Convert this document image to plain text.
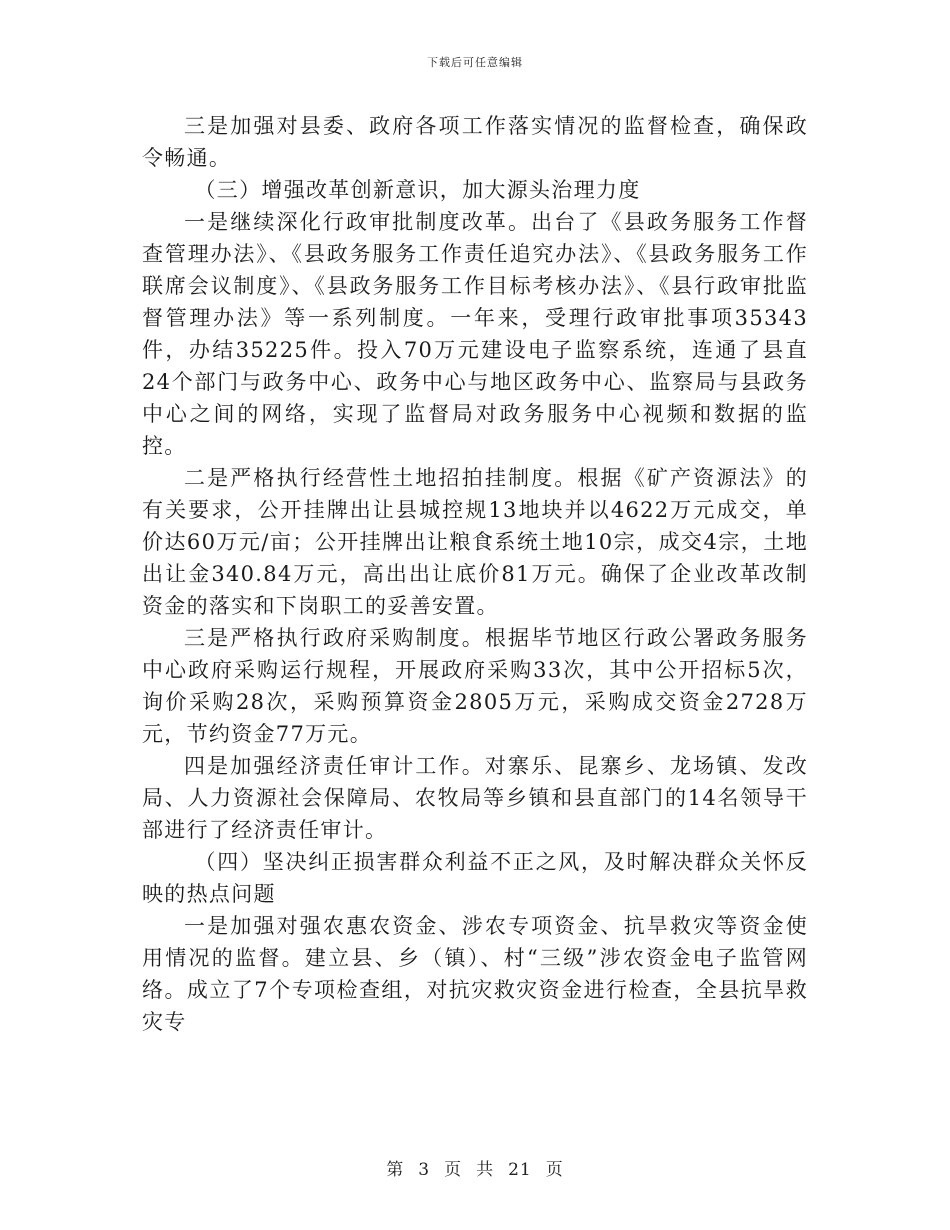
下载后可任意编辑

三是加强对县委、政府各项工作落实情况的监督检查，确保政令畅通。

（三）增强改革创新意识，加大源头治理力度

一是继续深化行政审批制度改革。出台了《县政务服务工作督查管理办法》、《县政务服务工作责任追究办法》、《县政务服务工作联席会议制度》、《县政务服务工作目标考核办法》、《县行政审批监督管理办法》等一系列制度。一年来，受理行政审批事项35343件，办结35225件。投入70万元建设电子监察系统，连通了县直24个部门与政务中心、政务中心与地区政务中心、监察局与县政务中心之间的网络，实现了监督局对政务服务中心视频和数据的监控。

二是严格执行经营性土地招拍挂制度。根据《矿产资源法》的有关要求，公开挂牌出让县城控规13地块并以4622万元成交，单价达60万元/亩；公开挂牌出让粮食系统土地10宗，成交4宗，土地出让金340.84万元，高出出让底价81万元。确保了企业改革改制资金的落实和下岗职工的妥善安置。

三是严格执行政府采购制度。根据毕节地区行政公署政务服务中心政府采购运行规程，开展政府采购33次，其中公开招标5次，询价采购28次，采购预算资金2805万元，采购成交资金2728万元，节约资金77万元。

四是加强经济责任审计工作。对寨乐、昆寨乡、龙场镇、发改局、人力资源社会保障局、农牧局等乡镇和县直部门的14名领导干部进行了经济责任审计。

（四）坚决纠正损害群众利益不正之风，及时解决群众关怀反映的热点问题

一是加强对强农惠农资金、涉农专项资金、抗旱救灾等资金使用情况的监督。建立县、乡（镇）、村“三级”涉农资金电子监管网络。成立了7个专项检查组，对抗灾救灾资金进行检查，全县抗旱救灾专

第 3 页 共 21 页
